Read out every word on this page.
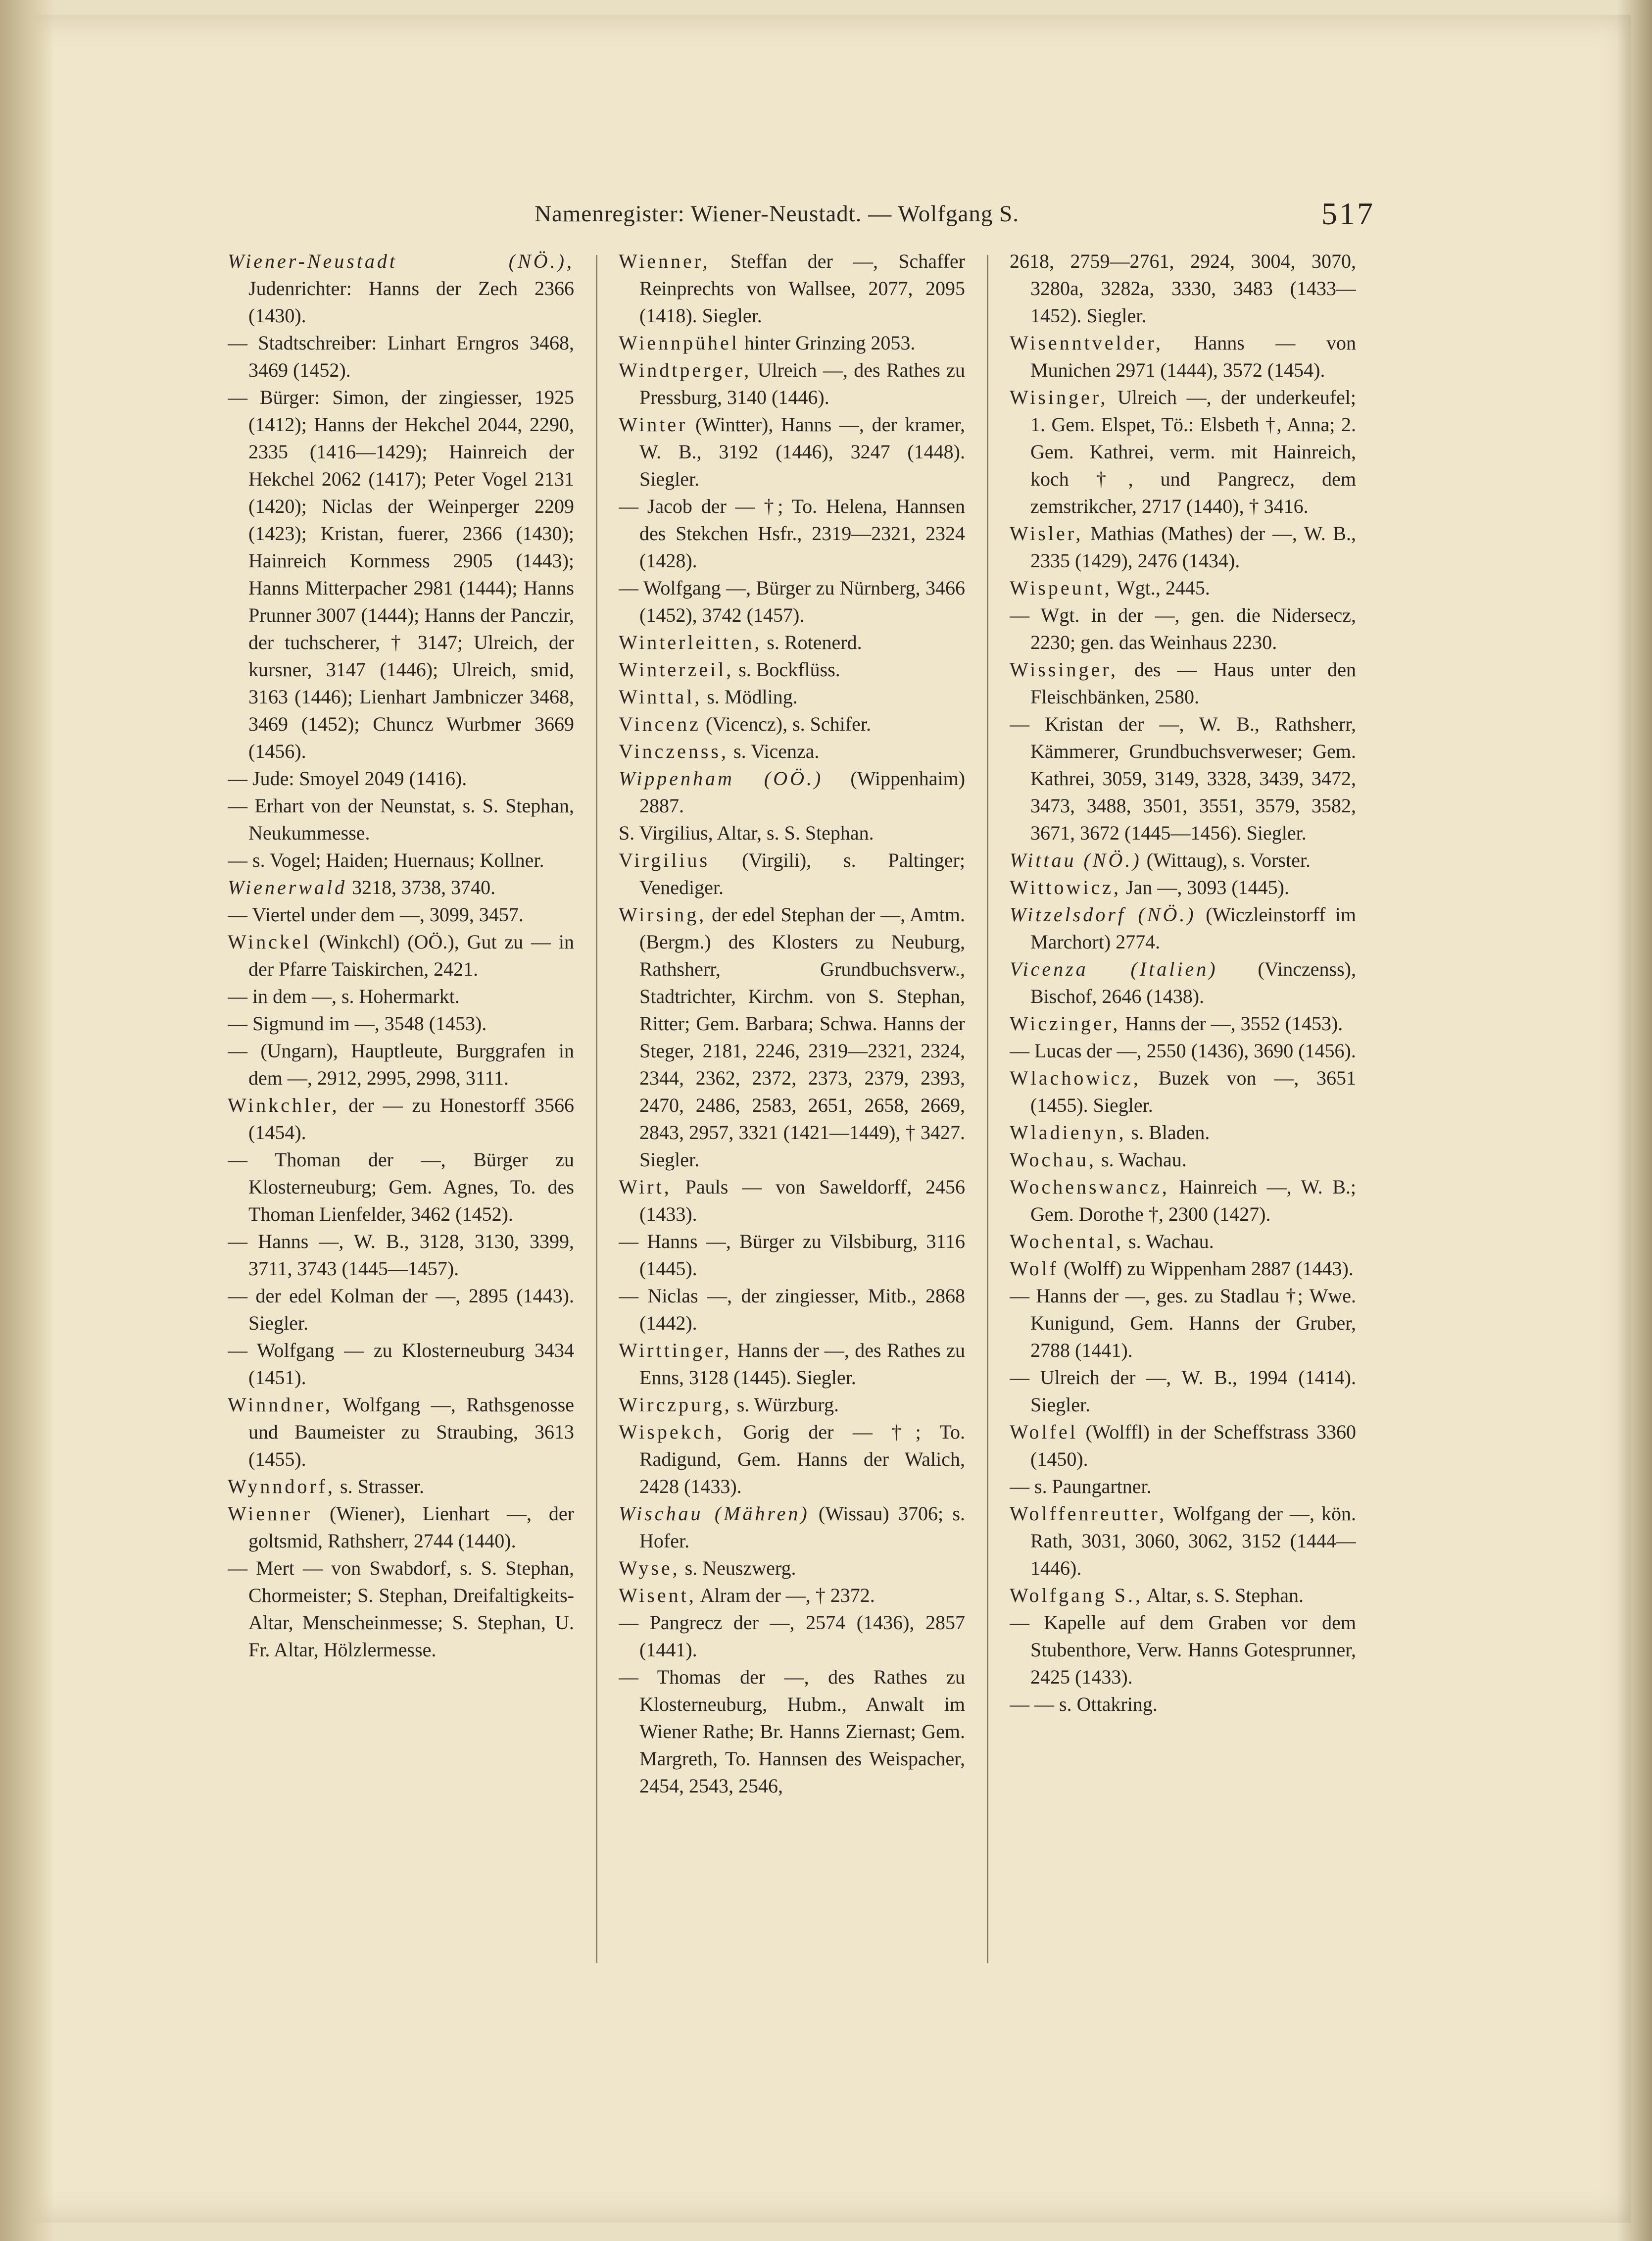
Namenregister: Wiener-Neustadt. — Wolfgang S.	517

Wiener-Neustadt (NÖ.), Judenrichter: Hanns der Zech 2366 (1430).

— Stadtschreiber: Linhart Erngros 3468, 3469 (1452).

— Bürger: Simon, der zingiesser, 1925 (1412); Hanns der Hekchel 2044, 2290, 2335 (1416—1429); Hainreich der Hekchel 2062 (1417); Peter Vogel 2131 (1420); Niclas der Weinperger 2209 (1423); Kristan, fuerer, 2366 (1430); Hainreich Kornmess 2905 (1443); Hanns Mitterpacher 2981 (1444); Hanns Prunner 3007 (1444); Hanns der Panczir, der tuchscherer, † 3147; Ulreich, der kursner, 3147 (1446); Ulreich, smid, 3163 (1446); Lienhart Jambniczer 3468, 3469 (1452); Chuncz Wurbmer 3669 (1456).

— Jude: Smoyel 2049 (1416).

— Erhart von der Neunstat, s. S. Stephan, Neukummesse.

— s. Vogel; Haiden; Huernaus; Kollner.

Wienerwald 3218, 3738, 3740.

— Viertel under dem —, 3099, 3457.

Winckel (Winkchl) (OÖ.), Gut zu — in der Pfarre Taiskirchen, 2421.

— in dem —, s. Hohermarkt.

— Sigmund im —, 3548 (1453).

— (Ungarn), Hauptleute, Burggrafen in dem —, 2912, 2995, 2998, 3111.

Winkchler, der — zu Honestorff 3566 (1454).

— Thoman der —, Bürger zu Klosterneuburg; Gem. Agnes, To. des Thoman Lienfelder, 3462 (1452).

— Hanns —, W. B., 3128, 3130, 3399, 3711, 3743 (1445—1457).

— der edel Kolman der —, 2895 (1443). Siegler.

— Wolfgang — zu Klosterneuburg 3434 (1451).

Winndner, Wolfgang —, Rathsgenosse und Baumeister zu Straubing, 3613 (1455).

Wynndorf, s. Strasser.

Wienner (Wiener), Lienhart —, der goltsmid, Rathsherr, 2744 (1440).

— Mert — von Swabdorf, s. S. Stephan, Chormeister; S. Stephan, Dreifaltigkeits-Altar, Menscheinmesse; S. Stephan, U. Fr. Altar, Hölzlermesse.

Wienner, Steffan der —, Schaffer Reinprechts von Wallsee, 2077, 2095 (1418). Siegler.

Wiennpühel hinter Grinzing 2053.

Windtperger, Ulreich —, des Rathes zu Pressburg, 3140 (1446).

Winter (Wintter), Hanns —, der kramer, W. B., 3192 (1446), 3247 (1448). Siegler.

— Jacob der — †; To. Helena, Hannsen des Stekchen Hsfr., 2319—2321, 2324 (1428).

— Wolfgang —, Bürger zu Nürnberg, 3466 (1452), 3742 (1457).

Winterleitten, s. Rotenerd.

Winterzeil, s. Bockflüss.

Winttal, s. Mödling.

Vincenz (Vicencz), s. Schifer.

Vinczenss, s. Vicenza.

Wippenham (OÖ.) (Wippenhaim) 2887.

S. Virgilius, Altar, s. S. Stephan.

Virgilius (Virgili), s. Paltinger; Venediger.

Wirsing, der edel Stephan der —, Amtm. (Bergm.) des Klosters zu Neuburg, Rathsherr, Grundbuchsverw., Stadtrichter, Kirchm. von S. Stephan, Ritter; Gem. Barbara; Schwa. Hanns der Steger, 2181, 2246, 2319—2321, 2324, 2344, 2362, 2372, 2373, 2379, 2393, 2470, 2486, 2583, 2651, 2658, 2669, 2843, 2957, 3321 (1421—1449), † 3427. Siegler.

Wirt, Pauls — von Saweldorff, 2456 (1433).

— Hanns —, Bürger zu Vilsbiburg, 3116 (1445).

— Niclas —, der zingiesser, Mitb., 2868 (1442).

Wirttinger, Hanns der —, des Rathes zu Enns, 3128 (1445). Siegler.

Wirczpurg, s. Würzburg.

Wispekch, Gorig der — †; To. Radigund, Gem. Hanns der Walich, 2428 (1433).

Wischau (Mähren) (Wissau) 3706; s. Hofer.

Wyse, s. Neuszwerg.

Wisent, Alram der —, † 2372.

— Pangrecz der —, 2574 (1436), 2857 (1441).

— Thomas der —, des Rathes zu Klosterneuburg, Hubm., Anwalt im Wiener Rathe; Br. Hanns Ziernast; Gem. Margreth, To. Hannsen des Weispacher, 2454, 2543, 2546,

2618, 2759—2761, 2924, 3004, 3070, 3280a, 3282a, 3330, 3483 (1433—1452). Siegler.

Wisenntvelder, Hanns — von Munichen 2971 (1444), 3572 (1454).

Wisinger, Ulreich —, der underkeufel; 1. Gem. Elspet, Tö.: Elsbeth †, Anna; 2. Gem. Kathrei, verm. mit Hainreich, koch †, und Pangrecz, dem zemstrikcher, 2717 (1440), † 3416.

Wisler, Mathias (Mathes) der —, W. B., 2335 (1429), 2476 (1434).

Wispeunt, Wgt., 2445.

— Wgt. in der —, gen. die Nidersecz, 2230; gen. das Weinhaus 2230.

Wissinger, des — Haus unter den Fleischbänken, 2580.

— Kristan der —, W. B., Rathsherr, Kämmerer, Grundbuchsverweser; Gem. Kathrei, 3059, 3149, 3328, 3439, 3472, 3473, 3488, 3501, 3551, 3579, 3582, 3671, 3672 (1445—1456). Siegler.

Wittau (NÖ.) (Wittaug), s. Vorster.

Wittowicz, Jan —, 3093 (1445).

Witzelsdorf (NÖ.) (Wiczleinstorff im Marchort) 2774.

Vicenza (Italien) (Vinczenss), Bischof, 2646 (1438).

Wiczinger, Hanns der —, 3552 (1453).

— Lucas der —, 2550 (1436), 3690 (1456).

Wlachowicz, Buzek von —, 3651 (1455). Siegler.

Wladienyn, s. Bladen.

Wochau, s. Wachau.

Wochenswancz, Hainreich —, W. B.; Gem. Dorothe †, 2300 (1427).

Wochental, s. Wachau.

Wolf (Wolff) zu Wippenham 2887 (1443).

— Hanns der —, ges. zu Stadlau †; Wwe. Kunigund, Gem. Hanns der Gruber, 2788 (1441).

— Ulreich der —, W. B., 1994 (1414). Siegler.

Wolfel (Wolffl) in der Scheffstrass 3360 (1450).

— s. Paungartner.

Wolffenreutter, Wolfgang der —, kön. Rath, 3031, 3060, 3062, 3152 (1444—1446).

Wolfgang S., Altar, s. S. Stephan.

— Kapelle auf dem Graben vor dem Stubenthore, Verw. Hanns Gotesprunner, 2425 (1433).

— — s. Ottakring.
